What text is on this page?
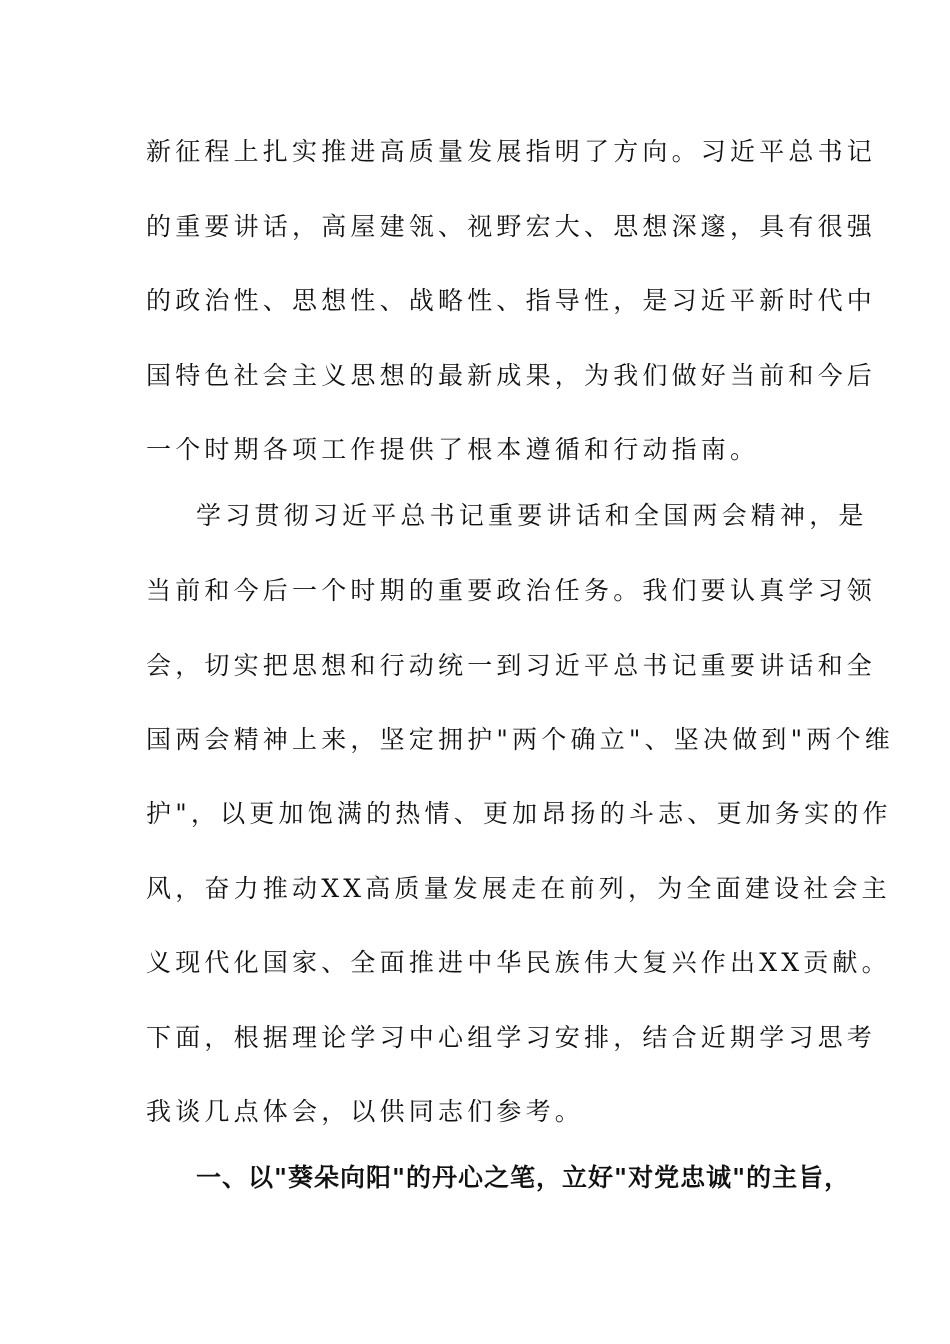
新征程上扎实推进高质量发展指明了方向。习近平总书记
的重要讲话，高屋建瓴、视野宏大、思想深邃，具有很强
的政治性、思想性、战略性、指导性，是习近平新时代中
国特色社会主义思想的最新成果，为我们做好当前和今后
一个时期各项工作提供了根本遵循和行动指南。
学习贯彻习近平总书记重要讲话和全国两会精神，是
当前和今后一个时期的重要政治任务。我们要认真学习领
会，切实把思想和行动统一到习近平总书记重要讲话和全
国两会精神上来，坚定拥护"两个确立"、坚决做到"两个维
护"，以更加饱满的热情、更加昂扬的斗志、更加务实的作
风，奋力推动XX高质量发展走在前列，为全面建设社会主
义现代化国家、全面推进中华民族伟大复兴作出XX贡献。
下面，根据理论学习中心组学习安排，结合近期学习思考
我谈几点体会，以供同志们参考。
一、以"葵朵向阳"的丹心之笔，立好"对党忠诚"的主旨，
